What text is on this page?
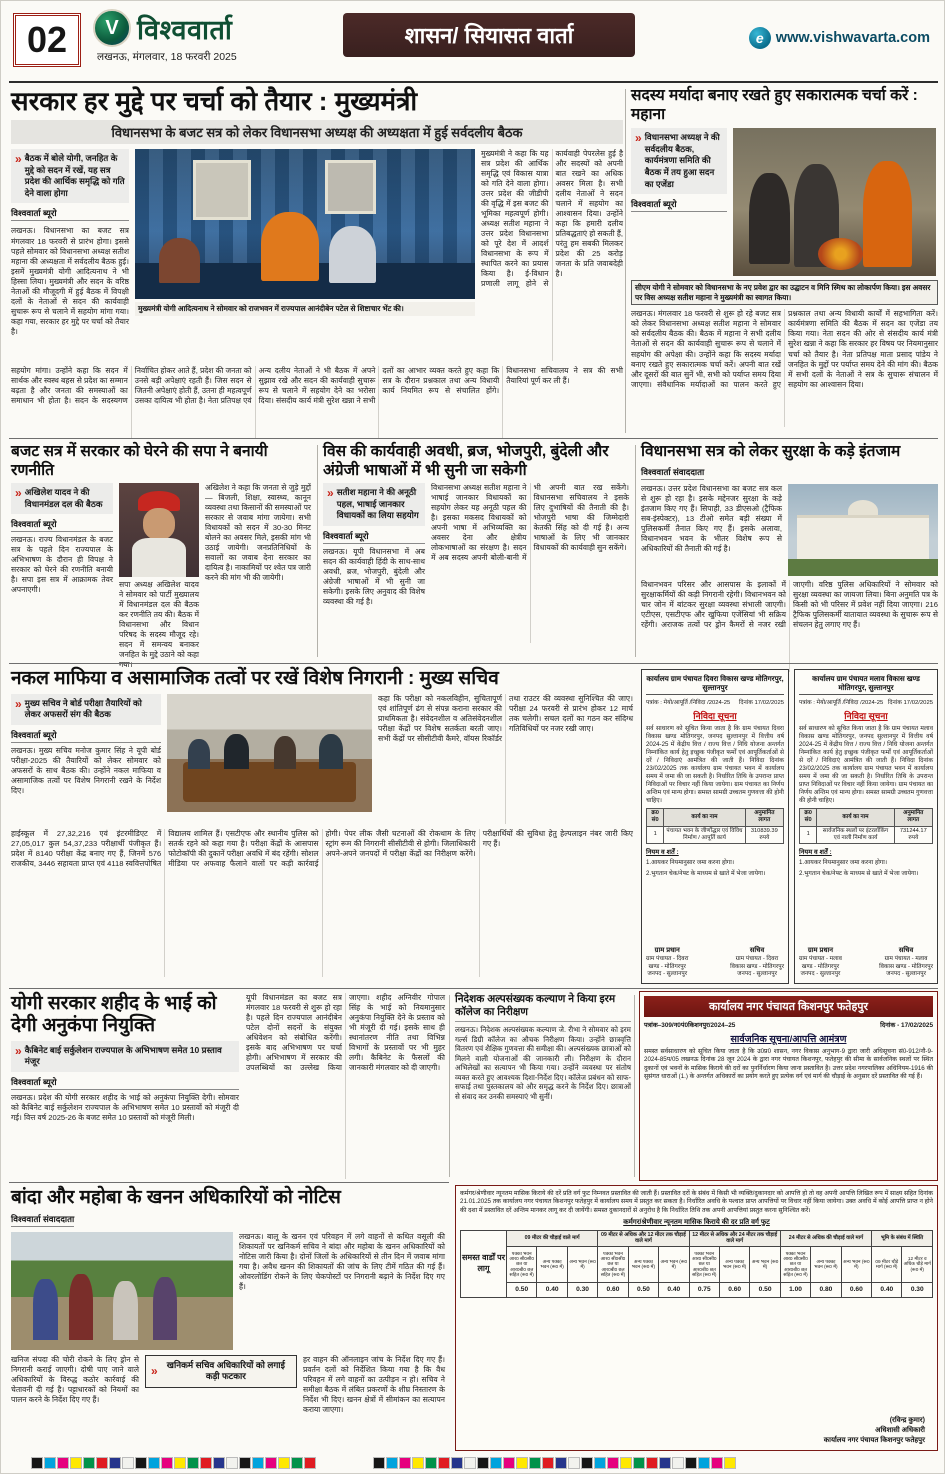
02	V विश्ववार्ता
लखनऊ, मंगलवार, 18 फरवरी 2025
शासन/ सियासत वार्ता	e www.vishwavarta.com
सरकार हर मुद्दे पर चर्चा को तैयार : मुख्यमंत्री
विधानसभा के बजट सत्र को लेकर विधानसभा अध्यक्ष की अध्यक्षता में हुई सर्वदलीय बैठक
» बैठक में बोले योगी, जनहित के मुद्दे को सदन में रखें, यह सत्र प्रदेश की आर्थिक समृद्धि को गति देने वाला होगा
विश्ववार्ता ब्यूरो
लखनऊ। विधानसभा का बजट सत्र मंगलवार 18 फरवरी से प्रारंभ होगा। इससे पहले सोमवार को विधानसभा अध्यक्ष सतीश महाना की अध्यक्षता में सर्वदलीय बैठक हुई। इसमें मुख्यमंत्री योगी आदित्यनाथ ने भी हिस्सा लिया। मुख्यमंत्री और सदन के वरिष्ठ नेताओं की मौजूदगी में हुई बैठक में विपक्षी दलों के नेताओं से सदन की कार्यवाही सुचारू रूप से चलाने में सहयोग मांगा गया। कहा गया, सरकार हर मुद्दे पर चर्चा को तैयार है।
मुख्यमंत्री योगी आदित्यनाथ ने सोमवार को राजभवन में राज्यपाल आनंदीबेन पटेल से शिष्टाचार भेंट की।
मुख्यमंत्री ने कहा कि यह सत्र प्रदेश की आर्थिक समृद्धि एवं विकास यात्रा को गति देने वाला होगा। उत्तर प्रदेश की जीडीपी की वृद्धि में इस बजट की भूमिका महत्वपूर्ण होगी। अध्यक्ष सतीश महाना ने उत्तर प्रदेश विधानसभा को पूरे देश में आदर्श विधानसभा के रूप में स्थापित करने का प्रयास किया है। ई-विधान प्रणाली लागू होने से कार्यवाही पेपरलेस हुई है और सदस्यों को अपनी बात रखने का अधिक अवसर मिला है। सभी दलीय नेताओं ने सदन चलाने में सहयोग का आश्वासन दिया। उन्होंने कहा कि हमारी दलीय प्रतिबद्धताएं हो सकती हैं, परंतु हम सबकी मिलकर प्रदेश की 25 करोड़ जनता के प्रति जवाबदेही है।
सहयोग मांगा। उन्होंने कहा कि सदन में सार्थक और स्वस्थ बहस से प्रदेश का सम्मान बढ़ता है और जनता की समस्याओं का समाधान भी होता है। सदन के सदस्यगण निर्वाचित होकर आते हैं, प्रदेश की जनता को उनसे बड़ी अपेक्षाएं रहती हैं। जिस सदन से जितनी अपेक्षाएं होती हैं, उतना ही महत्वपूर्ण उसका दायित्व भी होता है। नेता प्रतिपक्ष एवं अन्य दलीय नेताओं ने भी बैठक में अपने सुझाव रखे और सदन की कार्यवाही सुचारू रूप से चलाने में सहयोग देने का भरोसा दिया। संसदीय कार्य मंत्री सुरेश खन्ना ने सभी दलों का आभार व्यक्त करते हुए कहा कि सत्र के दौरान प्रश्नकाल तथा अन्य विधायी कार्य नियमित रूप से संचालित होंगे। विधानसभा सचिवालय ने सत्र की सभी तैयारियां पूर्ण कर ली हैं।
सदस्य मर्यादा बनाए रखते हुए सकारात्मक चर्चा करें : महाना
» विधानसभा अध्यक्ष ने की सर्वदलीय बैठक, कार्यमंत्रणा समिति की बैठक में तय हुआ सदन का एजेंडा
विश्ववार्ता ब्यूरो
सीएम योगी ने सोमवार को विधानसभा के नए प्रवेश द्वार का उद्घाटन व मिनि स्मिथ का लोकार्पण किया। इस अवसर पर विस अध्यक्ष सतीश महाना ने मुख्यमंत्री का स्वागत किया।
लखनऊ। मंगलवार 18 फरवरी से शुरू हो रहे बजट सत्र को लेकर विधानसभा अध्यक्ष सतीश महाना ने सोमवार को सर्वदलीय बैठक की। बैठक में महाना ने सभी दलीय नेताओं से सदन की कार्यवाही सुचारू रूप से चलाने में सहयोग की अपेक्षा की। उन्होंने कहा कि सदस्य मर्यादा बनाए रखते हुए सकारात्मक चर्चा करें। अपनी बात रखें और दूसरों की बात सुनें भी, सभी को पर्याप्त समय दिया जाएगा। संवैधानिक मर्यादाओं का पालन करते हुए प्रश्नकाल तथा अन्य विधायी कार्यों में सहभागिता करें। कार्यमंत्रणा समिति की बैठक में सदन का एजेंडा तय किया गया। नेता सदन की ओर से संसदीय कार्य मंत्री सुरेश खन्ना ने कहा कि सरकार हर विषय पर नियमानुसार चर्चा को तैयार है। नेता प्रतिपक्ष माता प्रसाद पांडेय ने जनहित के मुद्दों पर पर्याप्त समय देने की मांग की। बैठक में सभी दलों के नेताओं ने सत्र के सुचारू संचालन में सहयोग का आश्वासन दिया।
बजट सत्र में सरकार को घेरने की सपा ने बनायी रणनीति
» अखिलेश यादव ने की विधानमंडल दल की बैठक
विश्ववार्ता ब्यूरो
लखनऊ। राज्य विधानमंडल के बजट सत्र के पहले दिन राज्यपाल के अभिभाषण के दौरान ही विपक्ष ने सरकार को घेरने की रणनीति बनायी है। सपा इस सत्र में आक्रामक तेवर अपनाएगी।
सपा अध्यक्ष अखिलेश यादव ने सोमवार को पार्टी मुख्यालय में विधानमंडल दल की बैठक कर रणनीति तय की। बैठक में विधानसभा और विधान परिषद के सदस्य मौजूद रहे। सदन में समन्वय बनाकर जनहित के मुद्दे उठाने को कहा गया।
अखिलेश ने कहा कि जनता से जुड़े मुद्दों— बिजली, शिक्षा, स्वास्थ्य, कानून व्यवस्था तथा किसानों की समस्याओं पर सरकार से जवाब मांगा जायेगा। सभी विधायकों को सदन में 30-30 मिनट बोलने का अवसर मिले, इसकी मांग भी उठाई जायेगी। जनप्रतिनिधियों के सवालों का जवाब देना सरकार का दायित्व है। नाकामियों पर श्वेत पत्र जारी करने की मांग भी की जायेगी।
विस की कार्यवाही अवधी, ब्रज, भोजपुरी, बुंदेली और अंग्रेजी भाषाओं में भी सुनी जा सकेगी
» सतीश महाना ने की अनूठी पहल, भाषाई जानकार विधायकों का लिया सहयोग
विश्ववार्ता ब्यूरो
लखनऊ। यूपी विधानसभा में अब सदन की कार्यवाही हिंदी के साथ-साथ अवधी, ब्रज, भोजपुरी, बुंदेली और अंग्रेजी भाषाओं में भी सुनी जा सकेगी। इसके लिए अनुवाद की विशेष व्यवस्था की गई है।
विधानसभा अध्यक्ष सतीश महाना ने भाषाई जानकार विधायकों का सहयोग लेकर यह अनूठी पहल की है। इसका मकसद विधायकों को अपनी भाषा में अभिव्यक्ति का अवसर देना और क्षेत्रीय लोकभाषाओं का संरक्षण है। सदन में अब सदस्य अपनी बोली-बानी में भी अपनी बात रख सकेंगे। विधानसभा सचिवालय ने इसके लिए दुभाषियों की तैनाती की है। भोजपुरी भाषा की जिम्मेदारी केतकी सिंह को दी गई है। अन्य भाषाओं के लिए भी जानकार विधायकों की कार्यवाही सुन सकेंगे।
विधानसभा सत्र को लेकर सुरक्षा के कड़े इंतजाम
विश्ववार्ता संवाददाता
लखनऊ। उत्तर प्रदेश विधानसभा का बजट सत्र कल से शुरू हो रहा है। इसके मद्देनजर सुरक्षा के कड़े इंतजाम किए गए हैं। सिपाही, 33 डीएसओ (ट्रैफिक सब-इंस्पेक्टर), 13 टीओ समेत बड़ी संख्या में पुलिसकर्मी तैनात किए गए हैं। इसके अलावा, विधानभवन भवन के भीतर विशेष रूप से अधिकारियों की तैनाती की गई है।
विधानभवन परिसर और आसपास के इलाकों में सुरक्षाकर्मियों की कड़ी निगरानी रहेगी। विधानभवन को चार जोन में बांटकर सुरक्षा व्यवस्था संभाली जाएगी। एटीएस, एसटीएफ और खुफिया एजेंसियां भी सक्रिय रहेंगी। अराजक तत्वों पर ड्रोन कैमरों से नजर रखी जाएगी। वरिष्ठ पुलिस अधिकारियों ने सोमवार को सुरक्षा व्यवस्था का जायजा लिया। बिना अनुमति पत्र के किसी को भी परिसर में प्रवेश नहीं दिया जाएगा। 216 ट्रैफिक पुलिसकर्मी यातायात व्यवस्था के सुचारू रूप से संचलन हेतु लगाए गए हैं।
नकल माफिया व असामाजिक तत्वों पर रखें विशेष निगरानी : मुख्य सचिव
» मुख्य सचिव ने बोर्ड परीक्षा तैयारियों को लेकर अफसरों संग की बैठक
विश्ववार्ता ब्यूरो
लखनऊ। मुख्य सचिव मनोज कुमार सिंह ने यूपी बोर्ड परीक्षा-2025 की तैयारियों को लेकर सोमवार को अफसरों के साथ बैठक की। उन्होंने नकल माफिया व असामाजिक तत्वों पर विशेष निगरानी रखने के निर्देश दिए।
कहा कि परीक्षा को नकलविहीन, सुचितापूर्ण एवं शांतिपूर्ण ढंग से संपन्न कराना सरकार की प्राथमिकता है। संवेदनशील व अतिसंवेदनशील परीक्षा केंद्रों पर विशेष सतर्कता बरती जाए। सभी केंद्रों पर सीसीटीवी कैमरे, वॉयस रिकॉर्डर तथा राउटर की व्यवस्था सुनिश्चित की जाए। परीक्षा 24 फरवरी से प्रारंभ होकर 12 मार्च तक चलेगी। सचल दलों का गठन कर संदिग्ध गतिविधियों पर नजर रखी जाए।
हाईस्कूल में 27,32,216 एवं इंटरमीडिएट में 27,05,017 कुल 54,37,233 परीक्षार्थी पंजीकृत हैं। प्रदेश में 8140 परीक्षा केंद्र बनाए गए हैं, जिनमें 576 राजकीय, 3446 सहायता प्राप्त एवं 4118 स्ववित्तपोषित विद्यालय शामिल हैं। एसटीएफ और स्थानीय पुलिस को सतर्क रहने को कहा गया है। परीक्षा केंद्रों के आसपास फोटोकॉपी की दुकानें परीक्षा अवधि में बंद रहेंगी। सोशल मीडिया पर अफवाह फैलाने वालों पर कड़ी कार्रवाई होगी। पेपर लीक जैसी घटनाओं की रोकथाम के लिए स्ट्रांग रूम की निगरानी सीसीटीवी से होगी। जिलाधिकारी अपने-अपने जनपदों में परीक्षा केंद्रों का निरीक्षण करेंगे। परीक्षार्थियों की सुविधा हेतु हेल्पलाइन नंबर जारी किए गए हैं।
कार्यालय ग्राम पंचायत दिवरा विकास खण्ड मोतिगरपुर, सुल्तानपुर
पत्रांक : मेयो/आपूर्ति /निविदा /2024-25 दिनांक 17/02/2025
निविदा सूचना
सर्व साधारण को सूचित किया जाता है कि ग्राम पंचायत दिवरा विकास खण्ड मोतिगरपुर, जनपद सुल्तानपुर में वित्तीय वर्ष 2024-25 में केंद्रीय वित्त / राज्य वित्त / निधि योजना अन्तर्गत निम्नांकित कार्य हेतु इच्छुक पंजीकृत फर्मों एवं आपूर्तिकर्ताओं से दरें / निविदाएं आमंत्रित की जाती हैं। निविदा दिनांक 23/02/2025 तक कार्यालय ग्राम पंचायत भवन में कार्यालय समय में जमा की जा सकती है। निर्धारित तिथि के उपरान्त प्राप्त निविदाओं पर विचार नहीं किया जायेगा। ग्राम पंचायत का निर्णय अन्तिम एवं मान्य होगा। समस्त सामग्री उच्चतम गुणवत्ता की होनी चाहिए।
क्र0 सं0	कार्य का नाम	अनुमानित लागत
1	पंचायत भवन के जीर्णोद्धार एवं विविध निर्माण / आपूर्ति कार्य	310839.39 रुपये
नियम व शर्तें :
1.आयकर नियमानुसार जमा करना होगा।
2.भुगतान चेक/नेफ्ट के माध्यम से खाते में भेजा जायेगा।
ग्राम प्रधान
ग्राम पंचायत - दिवरा
खण्ड - मोतिगरपुर
जनपद - सुल्तानपुर
सचिव
ग्राम पंचायत - दिवरा
विकास खण्ड - मोतिगरपुर
जनपद - सुल्तानपुर
कार्यालय ग्राम पंचायत मलाव विकास खण्ड मोतिगरपुर, सुल्तानपुर
पत्रांक : मेयो/आपूर्ति /निविदा /2024-25 दिनांक 17/02/2025
निविदा सूचना
सर्व साधारण को सूचित किया जाता है कि ग्राम पंचायत मलाव विकास खण्ड मोतिगरपुर, जनपद सुल्तानपुर में वित्तीय वर्ष 2024-25 में केंद्रीय वित्त / राज्य वित्त / निधि योजना अन्तर्गत निम्नांकित कार्य हेतु इच्छुक पंजीकृत फर्मों एवं आपूर्तिकर्ताओं से दरें / निविदाएं आमंत्रित की जाती हैं। निविदा दिनांक 23/02/2025 तक कार्यालय ग्राम पंचायत भवन में कार्यालय समय में जमा की जा सकती है। निर्धारित तिथि के उपरान्त प्राप्त निविदाओं पर विचार नहीं किया जायेगा। ग्राम पंचायत का निर्णय अन्तिम एवं मान्य होगा। समस्त सामग्री उच्चतम गुणवत्ता की होनी चाहिए।
क्र0 सं0	कार्य का नाम	अनुमानित लागत
1	सार्वजनिक स्थलों पर इंटरलॉकिंग एवं नाली निर्माण कार्य	731244.17 रुपये
नियम व शर्तें :
1.आयकर नियमानुसार जमा करना होगा।
2.भुगतान चेक/नेफ्ट के माध्यम से खाते में भेजा जायेगा।
ग्राम प्रधान
ग्राम पंचायत - मलाव
खण्ड - मोतिगरपुर
जनपद - सुल्तानपुर
सचिव
ग्राम पंचायत - मलाव
विकास खण्ड - मोतिगरपुर
जनपद - सुल्तानपुर
योगी सरकार शहीद के भाई को देगी अनुकंपा नियुक्ति
» कैबिनेट बाई सर्कुलेशन राज्यपाल के अभिभाषण समेत 10 प्रस्ताव मंजूर
विश्ववार्ता ब्यूरो
लखनऊ। प्रदेश की योगी सरकार शहीद के भाई को अनुकंपा नियुक्ति देगी। सोमवार को कैबिनेट बाई सर्कुलेशन राज्यपाल के अभिभाषण समेत 10 प्रस्तावों को मंजूरी दी गई। वित्त वर्ष 2025-26 के बजट समेत 10 प्रस्तावों को मंजूरी मिली।
यूपी विधानमंडल का बजट सत्र मंगलवार 18 फरवरी से शुरू हो रहा है। पहले दिन राज्यपाल आनंदीबेन पटेल दोनों सदनों के संयुक्त अधिवेशन को संबोधित करेंगी। इसके बाद अभिभाषण पर चर्चा होगी। अभिभाषण में सरकार की उपलब्धियों का उल्लेख किया जाएगा। शहीद अग्निवीर गोपाल सिंह के भाई को नियमानुसार अनुकंपा नियुक्ति देने के प्रस्ताव को भी मंजूरी दी गई। इसके साथ ही स्थानांतरण नीति तथा विभिन्न विभागों के प्रस्तावों पर भी मुहर लगी। कैबिनेट के फैसलों की जानकारी मंगलवार को दी जाएगी।
निदेशक अल्पसंख्यक कल्याण ने किया इरम कॉलेज का निरीक्षण
लखनऊ। निदेशक अल्पसंख्यक कल्याण जे. रीभा ने सोमवार को इरम गर्ल्स डिग्री कॉलेज का औचक निरीक्षण किया। उन्होंने छात्रवृत्ति वितरण एवं शैक्षिक गुणवत्ता की समीक्षा की। अल्पसंख्यक छात्राओं को मिलने वाली योजनाओं की जानकारी ली। निरीक्षण के दौरान अभिलेखों का सत्यापन भी किया गया। उन्होंने व्यवस्था पर संतोष व्यक्त करते हुए आवश्यक दिशा-निर्देश दिए। कॉलेज प्रबंधन को साफ-सफाई तथा पुस्तकालय को और समृद्ध करने के निर्देश दिए। छात्राओं से संवाद कर उनकी समस्याएं भी सुनीं।
कार्यालय नगर पंचायत किशनपुर फतेहपुर
पत्रांक–309/न0पं0किशनपुर/2024–25	दिनांक - 17/02/2025
सार्वजनिक सूचना/आपत्ति आमंत्रण
समस्त सर्वसाधारण को सूचित किया जाता है कि उ0प्र0 शासन, नगर विकास अनुभाग-9 द्वारा जारी अधिसूचना सं0-912/नौ-9-2024-85प/05 लखनऊ दिनांक 28 जून 2024 के द्वारा नगर पंचायत किशनपुर, फतेहपुर की सीमा के सार्वजनिक स्थलों पर स्थित दुकानों एवं भवनों के मासिक किराये की दरों का पुनर्निर्धारण किया जाना प्रस्तावित है। उत्तर प्रदेश नगरपालिका अधिनियम-1916 की सुसंगत धाराओं (1.) के अन्तर्गत अधिकारों का प्रयोग करते हुए प्रत्येक वर्ग एवं मार्ग की चौड़ाई के अनुसार दरें प्रस्तावित की गई हैं।
बांदा और महोबा के खनन अधिकारियों को नोटिस
विश्ववार्ता संवाददाता
लखनऊ। बालू के खनन एवं परिवहन में लगे वाहनों से कथित वसूली की शिकायतों पर खनिकर्म सचिव ने बांदा और महोबा के खनन अधिकारियों को नोटिस जारी किया है। दोनों जिलों के अधिकारियों से तीन दिन में जवाब मांगा गया है। अवैध खनन की शिकायतों की जांच के लिए टीमें गठित की गई हैं। ओवरलोडिंग रोकने के लिए चेकपोस्टों पर निगरानी बढ़ाने के निर्देश दिए गए हैं।
खनिज संपदा की चोरी रोकने के लिए ड्रोन से निगरानी कराई जाएगी। दोषी पाए जाने वाले अधिकारियों के विरुद्ध कठोर कार्रवाई की चेतावनी दी गई है। पट्टाधारकों को नियमों का पालन करने के निर्देश दिए गए हैं।
»	खनिकर्म सचिव अधिकारियों को लगाई कड़ी फटकार
हर वाहन की ऑनलाइन जांच के निर्देश दिए गए हैं। प्रवर्तन दलों को निर्देशित किया गया है कि वैध परिवहन में लगे वाहनों का उत्पीड़न न हो। सचिव ने समीक्षा बैठक में लंबित प्रकरणों के शीघ्र निस्तारण के निर्देश भी दिए। खनन क्षेत्रों में सीमांकन का सत्यापन कराया जाएगा।
कर्मगर/श्रेणीवार न्यूनतम मासिक किराये की दरें प्रति वर्ग फुट निम्नवत प्रस्तावित की जाती हैं। प्रस्तावित दरों के संबंध में किसी भी व्यक्ति/दुकानदार को आपत्ति हो तो वह अपनी आपत्ति लिखित रूप में साक्ष्य सहित दिनांक 21.01.2025 तक कार्यालय नगर पंचायत किशनपुर फतेहपुर में कार्यालय समय में प्रस्तुत कर सकता है। निर्धारित अवधि के पश्चात प्राप्त आपत्तियों पर विचार नहीं किया जायेगा। उक्त अवधि में कोई आपत्ति प्राप्त न होने की दशा में प्रस्तावित दरें अन्तिम मानकर लागू कर दी जायेंगी। समस्त दुकानदारों से अनुरोध है कि निर्धारित तिथि तक अपनी आपत्तियां प्रस्तुत करना सुनिश्चित करें।
कर्मगर/श्रेणीवार न्यूनतम मासिक किराये की दर प्रति वर्ग फुट
समस्त वार्डों पर लागू	09 मीटर की चौड़ाई वाले मार्ग			09 मीटर से अधिक और 12 मीटर तक चौड़ाई वाले मार्ग			12 मीटर से अधिक और 24 मीटर तक चौड़ाई वाले मार्ग			24 मीटर से अधिक की चौड़ाई वाले मार्ग			भूमि के संबंध में स्थिति	
	पक्का भवन आर0 सी0सी0 छत या आर0बी0 छत सहित (रू0 में)	अन्य पक्का भवन (रू0 में)	अन्य भवन (रू0 में)	पक्का भवन आर0 सी0सी0 छत या आर0बी0 छत सहित (रू0 में)	अन्य पक्का भवन (रू0 में)	अन्य भवन (रू0 में)	पक्का भवन आर0 सी0सी0 छत या आर0बी0 छत सहित (रू0 में)	अन्य पक्का भवन (रू0 में)	अन्य भवन (रू0 में)	पक्का भवन आर0 सी0सी0 छत या आर0बी0 छत सहित (रू0 में)	अन्य पक्का भवन (रू0 में)	अन्य भवन (रू0 में)	09 मीटर चौड़े मार्ग (रू0 में)	12 मीटर व अधिक चौड़े मार्ग (रू0 में)
	0.50	0.40	0.30	0.60	0.50	0.40	0.75	0.60	0.50	1.00	0.80	0.60	0.40	0.30
(रविन्द्र कुमार)
अधिशासी अधिकारी
कार्यालय नगर पंचायत किशनपुर फतेहपुर
